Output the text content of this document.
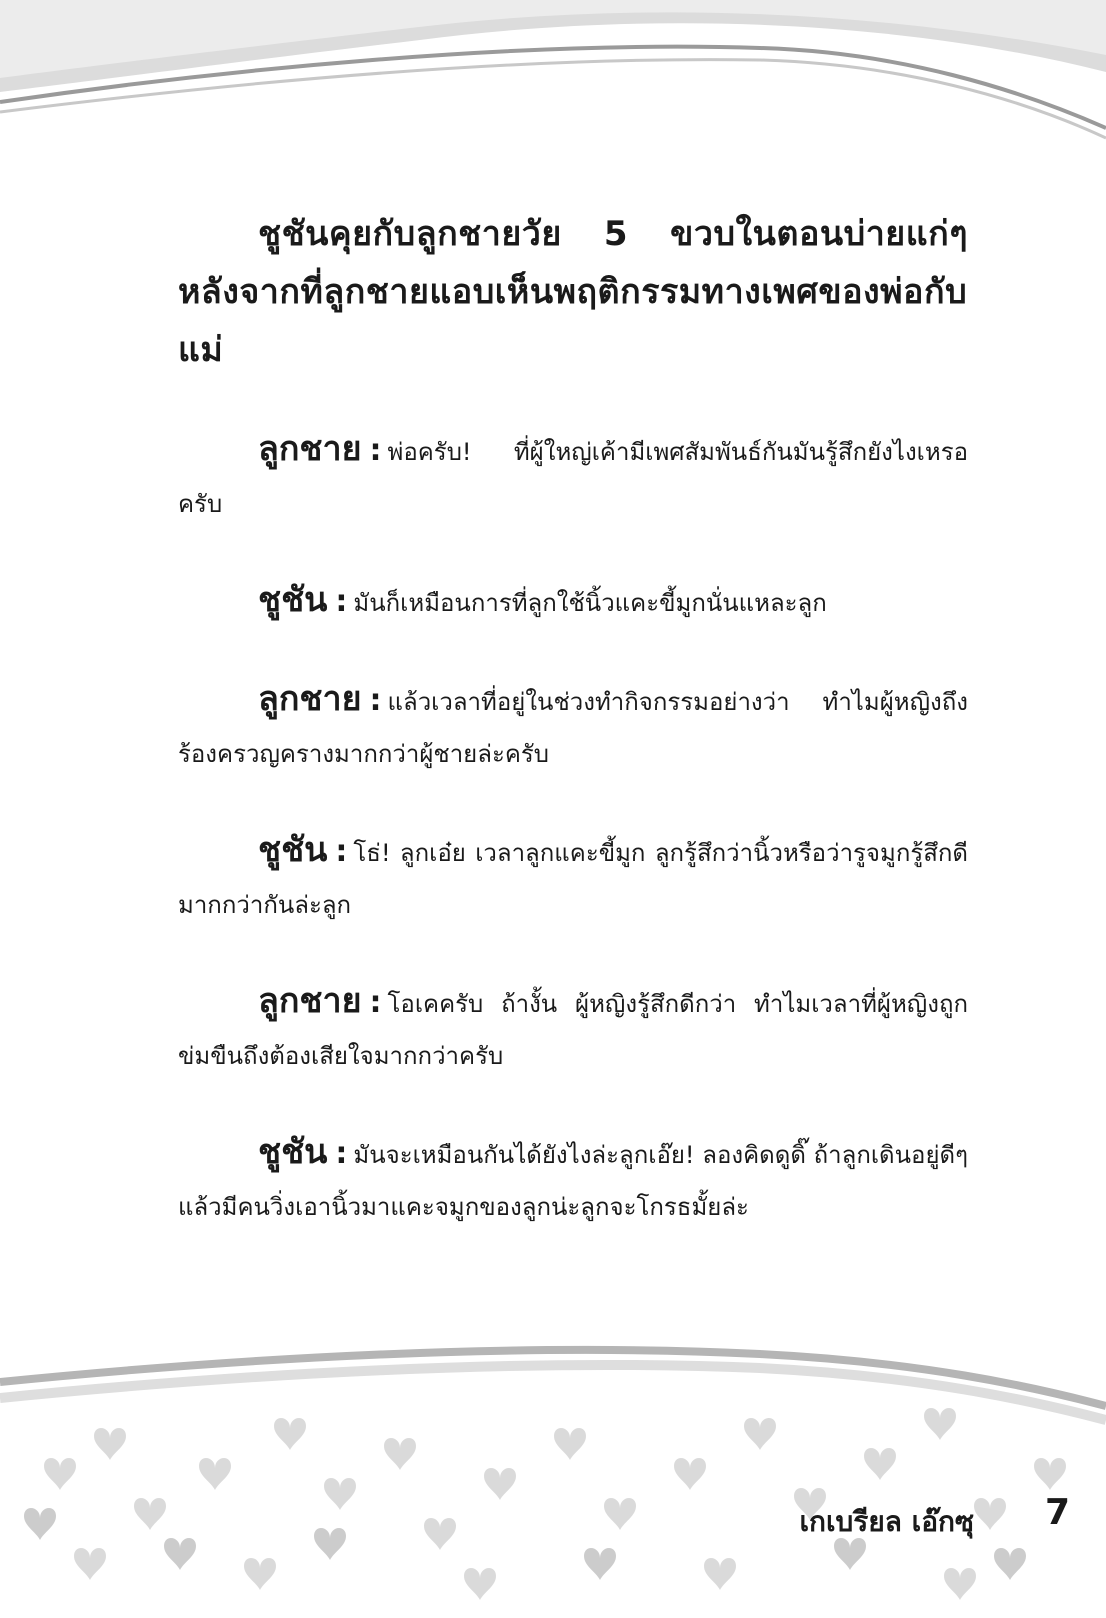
ชูชันคุยกับลูกชายวัย 5 ขวบในตอนบ่ายแก่ๆ หลังจากที่ลูกชายแอบเห็นพฤติกรรมทางเพศของพ่อกับแม่

ลูกชาย : พ่อครับ! ที่ผู้ใหญ่เค้ามีเพศสัมพันธ์กันมันรู้สึกยังไงเหรอครับ
ชูชัน : มันก็เหมือนการที่ลูกใช้นิ้วแคะขี้มูกนั่นแหละลูก
ลูกชาย : แล้วเวลาที่อยู่ในช่วงทำกิจกรรมอย่างว่า ทำไมผู้หญิงถึงร้องครวญครางมากกว่าผู้ชายล่ะครับ
ชูชัน : โธ่! ลูกเอ๋ย เวลาลูกแคะขี้มูก ลูกรู้สึกว่านิ้วหรือว่ารูจมูกรู้สึกดีมากกว่ากันล่ะลูก
ลูกชาย : โอเคครับ ถ้างั้น ผู้หญิงรู้สึกดีกว่า ทำไมเวลาที่ผู้หญิงถูกข่มขืนถึงต้องเสียใจมากกว่าครับ
ชูชัน : มันจะเหมือนกันได้ยังไงล่ะลูกเอ๊ย! ลองคิดดูดิ๊ ถ้าลูกเดินอยู่ดีๆ แล้วมีคนวิ่งเอานิ้วมาแคะจมูกของลูกน่ะลูกจะโกรธมั้ยล่ะ
เกเบรียล เอ๊กซุ 7
